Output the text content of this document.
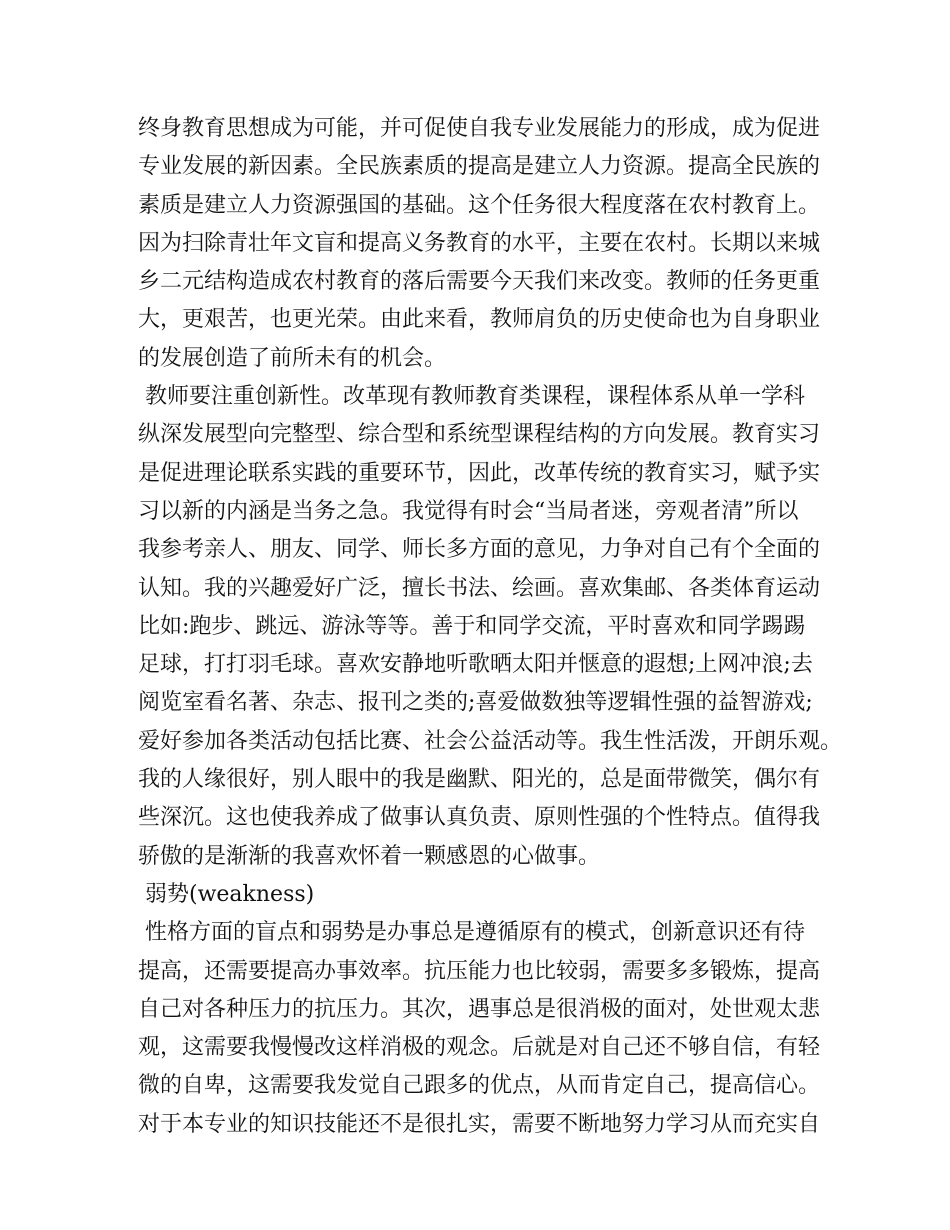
终身教育思想成为可能，并可促使自我专业发展能力的形成，成为促进
专业发展的新因素。全民族素质的提高是建立人力资源。提高全民族的
素质是建立人力资源强国的基础。这个任务很大程度落在农村教育上。
因为扫除青壮年文盲和提高义务教育的水平，主要在农村。长期以来城
乡二元结构造成农村教育的落后需要今天我们来改变。教师的任务更重
大，更艰苦，也更光荣。由此来看，教师肩负的历史使命也为自身职业
的发展创造了前所未有的机会。
教师要注重创新性。改革现有教师教育类课程，课程体系从单一学科
纵深发展型向完整型、综合型和系统型课程结构的方向发展。教育实习
是促进理论联系实践的重要环节，因此，改革传统的教育实习，赋予实
习以新的内涵是当务之急。我觉得有时会“当局者迷，旁观者清”所以
我参考亲人、朋友、同学、师长多方面的意见，力争对自己有个全面的
认知。我的兴趣爱好广泛，擅长书法、绘画。喜欢集邮、各类体育运动
比如:跑步、跳远、游泳等等。善于和同学交流，平时喜欢和同学踢踢
足球，打打羽毛球。喜欢安静地听歌晒太阳并惬意的遐想;上网冲浪;去
阅览室看名著、杂志、报刊之类的;喜爱做数独等逻辑性强的益智游戏;
爱好参加各类活动包括比赛、社会公益活动等。我生性活泼，开朗乐观。
我的人缘很好，别人眼中的我是幽默、阳光的，总是面带微笑，偶尔有
些深沉。这也使我养成了做事认真负责、原则性强的个性特点。值得我
骄傲的是渐渐的我喜欢怀着一颗感恩的心做事。
弱势(weakness)
性格方面的盲点和弱势是办事总是遵循原有的模式，创新意识还有待
提高，还需要提高办事效率。抗压能力也比较弱，需要多多锻炼，提高
自己对各种压力的抗压力。其次，遇事总是很消极的面对，处世观太悲
观，这需要我慢慢改这样消极的观念。后就是对自己还不够自信，有轻
微的自卑，这需要我发觉自己跟多的优点，从而肯定自己，提高信心。
对于本专业的知识技能还不是很扎实，需要不断地努力学习从而充实自
